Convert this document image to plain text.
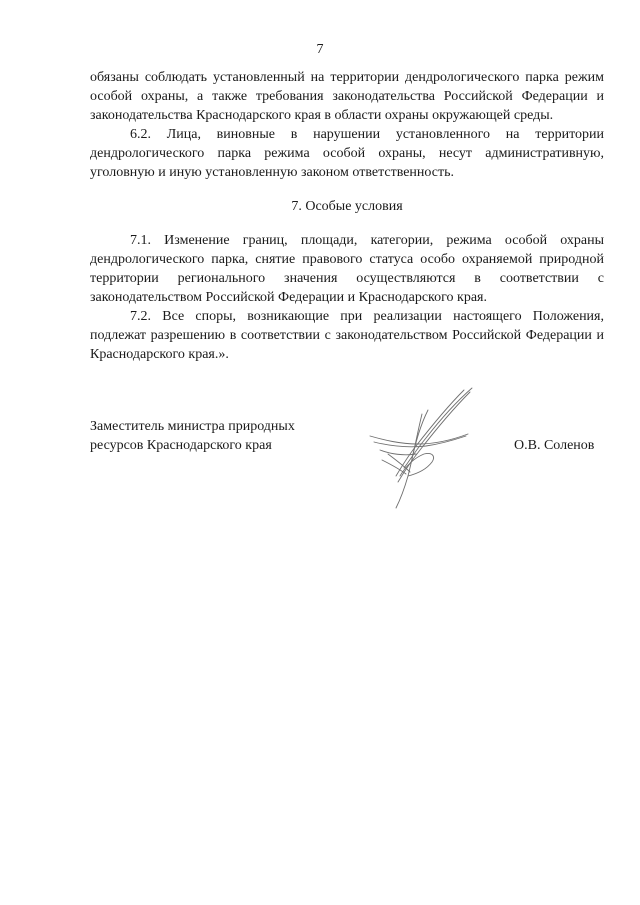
7

обязаны соблюдать установленный на территории дендрологического парка режим особой охраны, а также требования законодательства Российской Федерации и законодательства Краснодарского края в области охраны окружающей среды.

6.2. Лица, виновные в нарушении установленного на территории дендрологического парка режима особой охраны, несут административную, уголовную и иную установленную законом ответственность.

7. Особые условия

7.1. Изменение границ, площади, категории, режима особой охраны дендрологического парка, снятие правового статуса особо охраняемой природной территории регионального значения осуществляются в соответствии с законодательством Российской Федерации и Краснодарского края.

7.2. Все споры, возникающие при реализации настоящего Положения, подлежат разрешению в соответствии с законодательством Российской Федерации и Краснодарского края.».

Заместитель министра природных
ресурсов Краснодарского края	О.В. Соленов
